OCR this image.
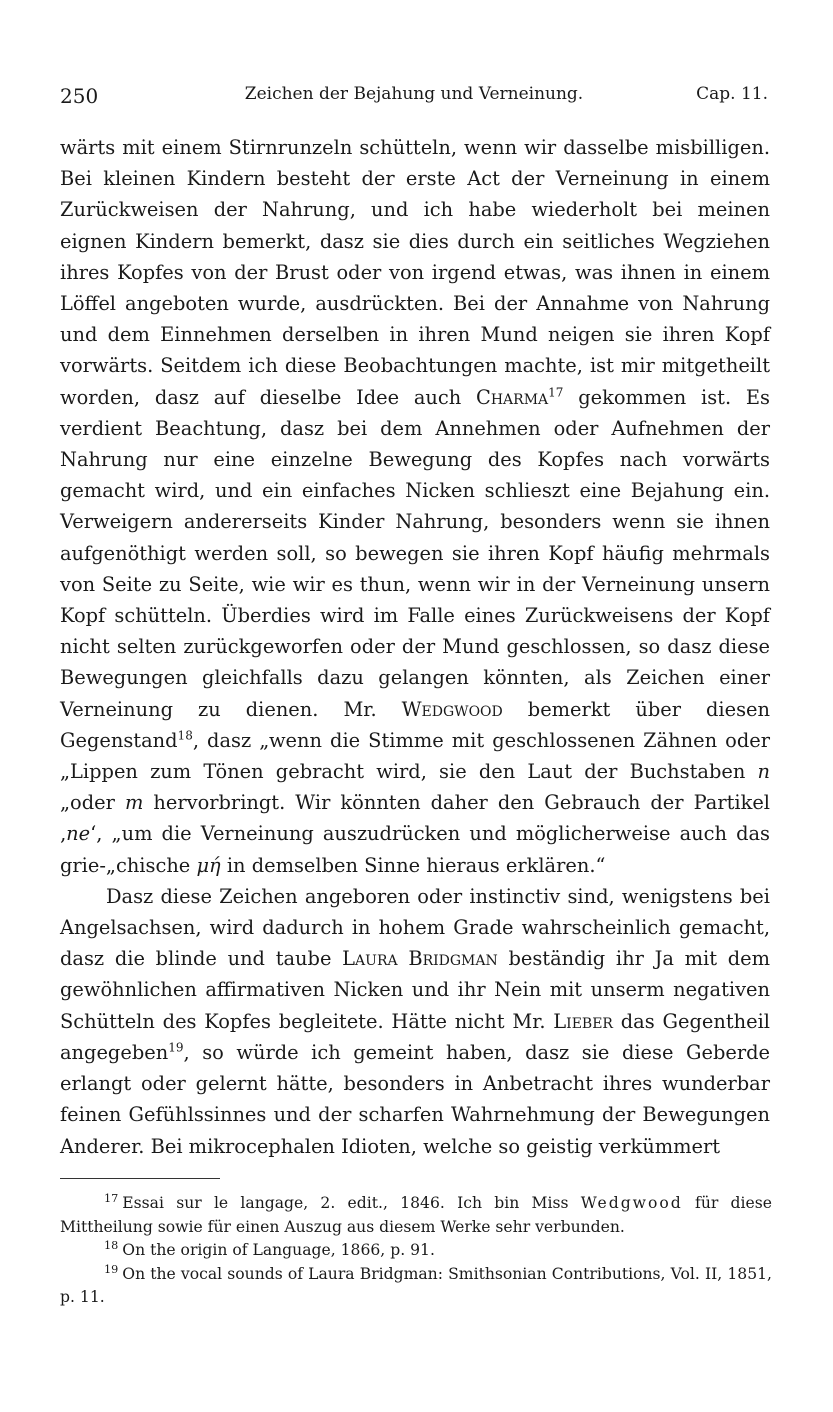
250	Zeichen der Bejahung und Verneinung.	Cap. 11.

wärts mit einem Stirnrunzeln schütteln, wenn wir dasselbe misbilligen. Bei kleinen Kindern besteht der erste Act der Verneinung in einem Zurückweisen der Nahrung, und ich habe wiederholt bei meinen eignen Kindern bemerkt, dasz sie dies durch ein seitliches Wegziehen ihres Kopfes von der Brust oder von irgend etwas, was ihnen in einem Löffel angeboten wurde, ausdrückten. Bei der Annahme von Nahrung und dem Einnehmen derselben in ihren Mund neigen sie ihren Kopf vorwärts. Seitdem ich diese Beobachtungen machte, ist mir mitgetheilt worden, dasz auf dieselbe Idee auch Charma$^{17}$ gekommen ist. Es verdient Beachtung, dasz bei dem Annehmen oder Aufnehmen der Nahrung nur eine einzelne Bewegung des Kopfes nach vorwärts gemacht wird, und ein einfaches Nicken schlieszt eine Bejahung ein. Verweigern andererseits Kinder Nahrung, besonders wenn sie ihnen aufgenöthigt werden soll, so bewegen sie ihren Kopf häufig mehrmals von Seite zu Seite, wie wir es thun, wenn wir in der Verneinung unsern Kopf schütteln. Überdies wird im Falle eines Zurückweisens der Kopf nicht selten zurückgeworfen oder der Mund geschlossen, so dasz diese Bewegungen gleichfalls dazu gelangen könnten, als Zeichen einer Verneinung zu dienen. Mr. Wedgwood bemerkt über diesen Gegenstand$^{18}$, dasz „wenn die Stimme mit geschlossenen Zähnen oder „Lippen zum Tönen gebracht wird, sie den Laut der Buchstaben n „oder m hervorbringt. Wir könnten daher den Gebrauch der Partikel ‚ne‘, „um die Verneinung auszudrücken und möglicherweise auch das grie-„chische μή in demselben Sinne hieraus erklären.“

Dasz diese Zeichen angeboren oder instinctiv sind, wenigstens bei Angelsachsen, wird dadurch in hohem Grade wahrscheinlich gemacht, dasz die blinde und taube Laura Bridgman beständig ihr Ja mit dem gewöhnlichen affirmativen Nicken und ihr Nein mit unserm negativen Schütteln des Kopfes begleitete. Hätte nicht Mr. Lieber das Gegentheil angegeben$^{19}$, so würde ich gemeint haben, dasz sie diese Geberde erlangt oder gelernt hätte, besonders in Anbetracht ihres wunderbar feinen Gefühlssinnes und der scharfen Wahrnehmung der Bewegungen Anderer. Bei mikrocephalen Idioten, welche so geistig verkümmert

$^{17}$ Essai sur le langage, 2. edit., 1846. Ich bin Miss Wedgwood für diese Mittheilung sowie für einen Auszug aus diesem Werke sehr verbunden.

$^{18}$ On the origin of Language, 1866, p. 91.

$^{19}$ On the vocal sounds of Laura Bridgman: Smithsonian Contributions, Vol. II, 1851, p. 11.
